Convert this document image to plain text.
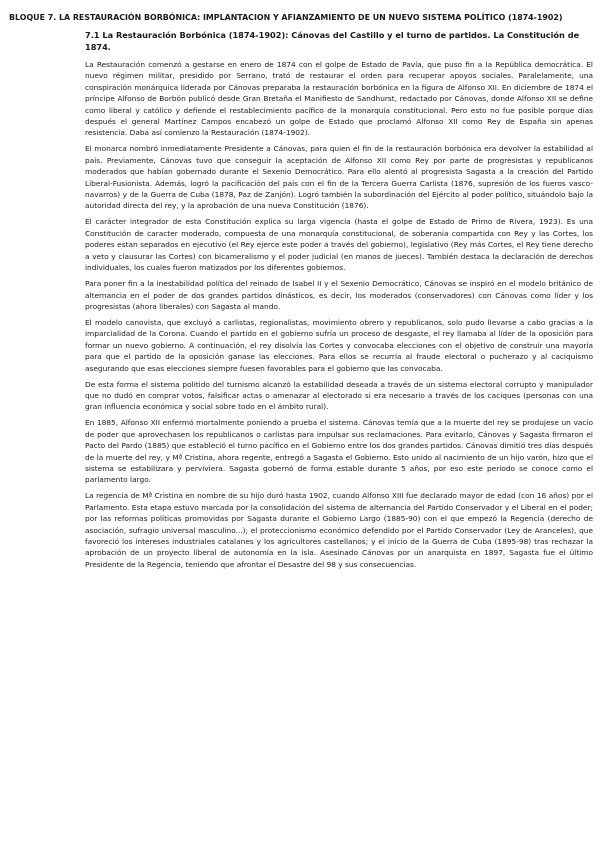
BLOQUE 7. LA RESTAURACIÓN BORBÓNICA: IMPLANTACION Y AFIANZAMIENTO DE UN NUEVO SISTEMA POLÍTICO (1874-1902)
7.1 La Restauración Borbónica (1874-1902): Cánovas del Castillo y el turno de partidos. La Constitución de 1874.

La Restauración comenzó a gestarse en enero de 1874 con el golpe de Estado de Pavía, que puso fin a la República democrática. El nuevo régimen militar, presidido por Serrano, trató de restaurar el orden para recuperar apoyos sociales. Paralelamente, una conspiración monárquica liderada por Cánovas preparaba la restauración borbónica en la figura de Alfonso XII. En diciembre de 1874 el príncipe Alfonso de Borbón publicó desde Gran Bretaña el Manifiesto de Sandhurst, redactado por Cánovas, donde Alfonso XII se define como liberal y católico y defiende el restablecimiento pacífico de la monarquía constitucional. Pero esto no fue posible porque días después el general Martínez Campos encabezó un golpe de Estado que proclamó Alfonso XII como Rey de España sin apenas resistencia. Daba así comienzo la Restauración (1874-1902).

El monarca nombró inmediatamente Presidente a Cánovas, para quien el fin de la restauración borbónica era devolver la estabilidad al país. Previamente, Cánovas tuvo que conseguir la aceptación de Alfonso XII como Rey por parte de progresistas y republicanos moderados que habían gobernado durante el Sexenio Democrático. Para ello alentó al progresista Sagasta a la creación del Partido Liberal-Fusionista. Además, logró la pacificación del país con el fin de la Tercera Guerra Carlista (1876, supresión de los fueros vasco-navarros) y de la Guerra de Cuba (1878, Paz de Zanjón). Logró también la subordinación del Ejército al poder político, situándolo bajo la autoridad directa del rey, y la aprobación de una nueva Constitución (1876).

El carácter integrador de esta Constitución explica su larga vigencia (hasta el golpe de Estado de Primo de Rivera, 1923). Es una Constitución de caracter moderado, compuesta de una monarquía constitucional, de soberanía compartida con Rey y las Cortes, los poderes estan separados en ejecutivo (el Rey ejerce este poder a través del gobierno), legislativo (Rey más Cortes, el Rey tiene derecho a veto y clausurar las Cortes) con bicameralismo y el poder judicial (en manos de jueces). También destaca la declaración de derechos individuales, los cuales fueron matizados por los diferentes gobiernos.

Para poner fin a la inestabilidad política del reinado de Isabel II y el Sexenio Democrático, Cánovas se inspiró en el modelo británico de alternancia en el poder de dos grandes partidos dinásticos, es decir, los moderados (conservadores) con Cánovas como líder y los progresistas (ahora liberales) con Sagasta al mando.

El modelo canovista, que excluyó a carlistas, regionalistas, movimiento obrero y republicanos, solo pudo llevarse a cabo gracias a la imparcialidad de la Corona. Cuando el partido en el gobierno sufría un proceso de desgaste, el rey llamaba al líder de la oposición para formar un nuevo gobierno. A continuación, el rey disolvía las Cortes y convocaba elecciones con el objetivo de construir una mayoría para que el partido de la oposición ganase las elecciones. Para ellos se recurría al fraude electoral o pucherazo y al caciquismo asegurando que esas elecciones siempre fuesen favorables para el gobierno que las convocaba.

De esta forma el sistema politido del turnismo alcanzó la estabilidad deseada a través de un sistema electoral corrupto y manipulador que no dudó en comprar votos, falsificar actas o amenazar al electorado si era necesario a través de los caciques (personas con una gran influencia económica y social sobre todo en el ámbito rural).

En 1885, Alfonso XII enfermó mortalmente poniendo a prueba el sistema. Cánovas temía que a la muerte del rey se produjese un vacío de poder que aprovechasen los republicanos o carlistas para impulsar sus reclamaciones. Para evitarlo, Cánovas y Sagasta firmaron el Pacto del Pardo (1885) que estableció el turno pacífico en el Gobierno entre los dos grandes partidos. Cánovas dimitió tres días después de la muerte del rey, y Mª Cristina, ahora regente, entregó a Sagasta el Gobierno. Esto unido al nacimiento de un hijo varón, hizo que el sistema se estabilizara y perviviera. Sagasta gobernó de forma estable durante 5 años, por eso este periodo se conoce como el parlamento largo.

La regencia de Mª Cristina en nombre de su hijo duró hasta 1902, cuando Alfonso XIII fue declarado mayor de edad (con 16 años) por el Parlamento. Esta etapa estuvo marcada por la consolidación del sistema de alternancia del Partido Conservador y el Liberal en el poder; por las reformas políticas promovidas por Sagasta durante el Gobierno Largo (1885-90) con el que empezó la Regencia (derecho de asociación, sufragio universal masculino...); el proteccionismo económico defendido por el Partido Conservador (Ley de Aranceles), que favoreció los intereses industriales catalanes y los agricultores castellanos; y el inicio de la Guerra de Cuba (1895-98) tras rechazar la aprobación de un proyecto liberal de autonomía en la isla. Asesinado Cánovas por un anarquista en 1897, Sagasta fue el último Presidente de la Regencia, teniendo que afrontar el Desastre del 98 y sus consecuencias.
